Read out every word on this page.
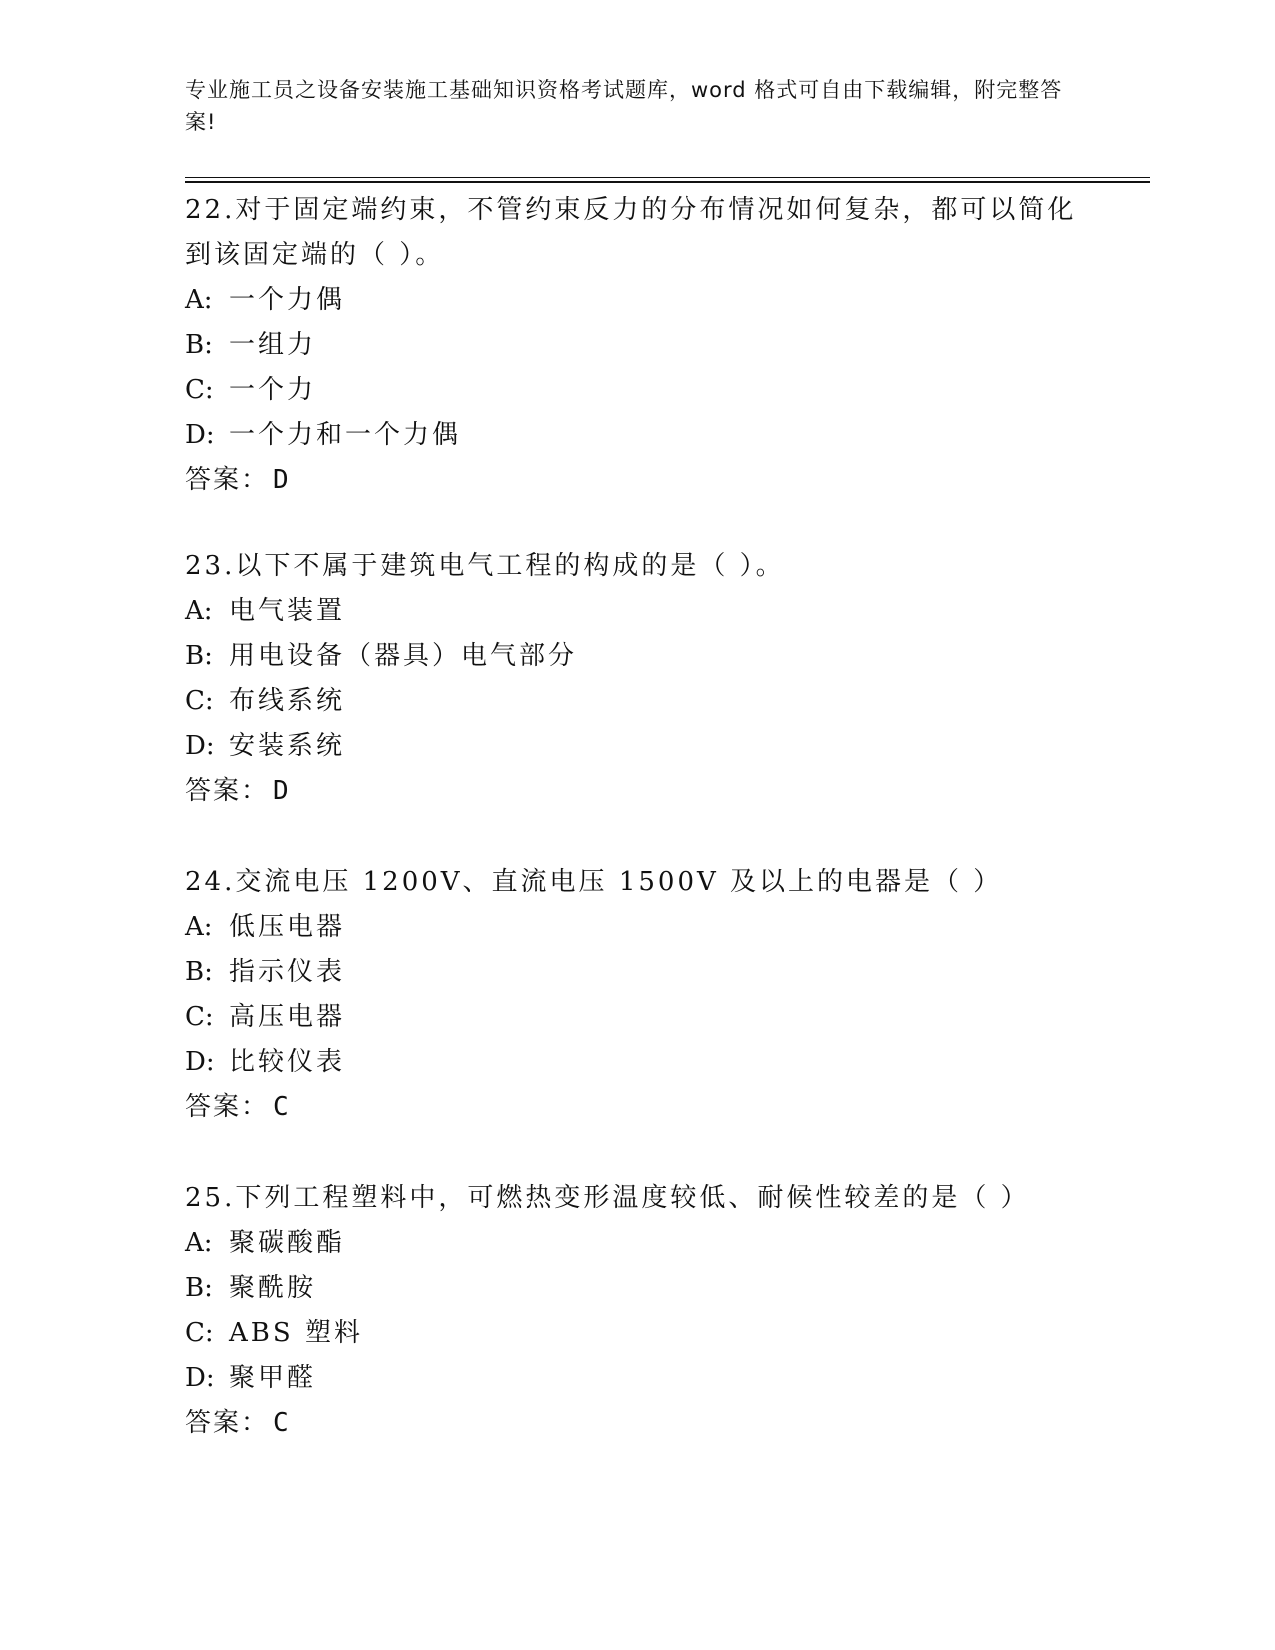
专业施工员之设备安装施工基础知识资格考试题库，word 格式可自由下载编辑，附完整答案!

22.对于固定端约束，不管约束反力的分布情况如何复杂，都可以简化到该固定端的（ ）。

A: 一个力偶

B: 一组力

C: 一个力

D: 一个力和一个力偶

答案： D

23.以下不属于建筑电气工程的构成的是（ ）。

A: 电气装置

B: 用电设备（器具）电气部分

C: 布线系统

D: 安装系统

答案： D

24.交流电压 1200V、直流电压 1500V 及以上的电器是（ ）

A: 低压电器

B: 指示仪表

C: 高压电器

D: 比较仪表

答案： C

25.下列工程塑料中，可燃热变形温度较低、耐候性较差的是（ ）

A: 聚碳酸酯

B: 聚酰胺

C: ABS 塑料

D: 聚甲醛

答案： C
